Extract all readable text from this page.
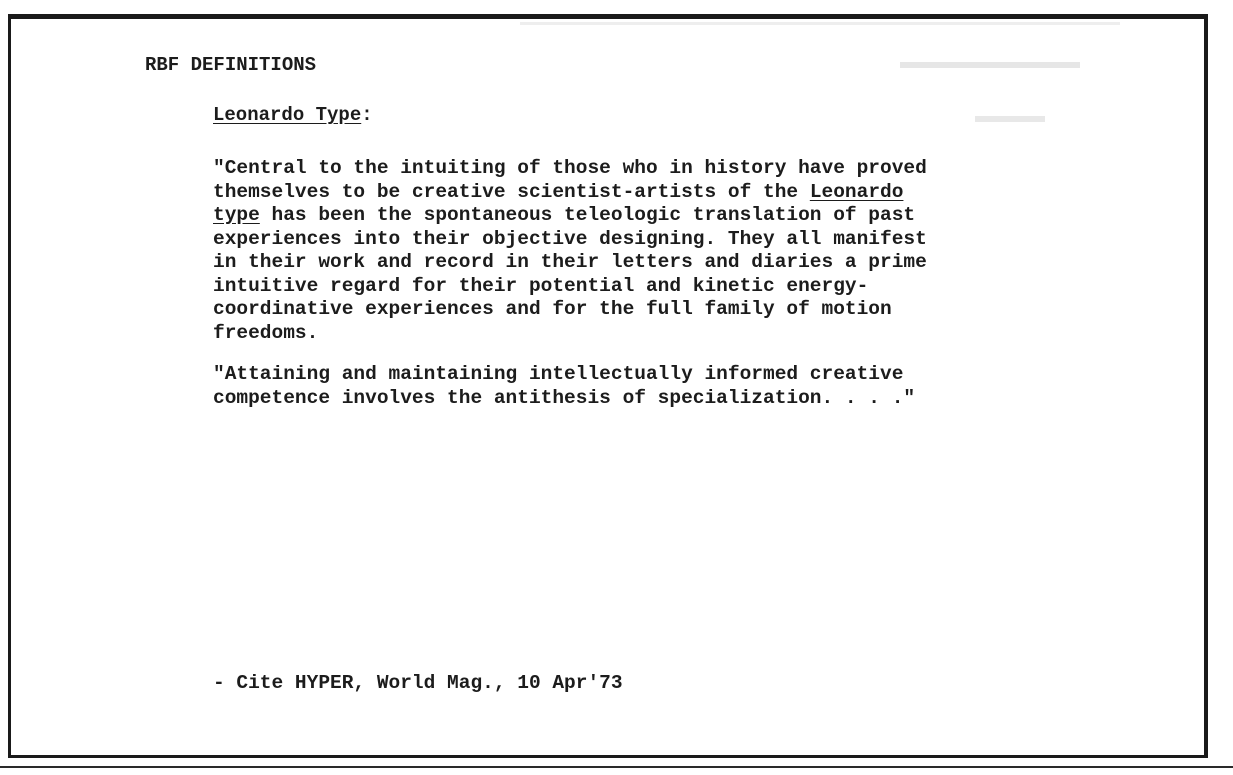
RBF DEFINITIONS
Leonardo Type:

"Central to the intuiting of those who in history have proved
themselves to be creative scientist-artists of the Leonardo
type has been the spontaneous teleologic translation of past
experiences into their objective designing. They all manifest
in their work and record in their letters and diaries a prime
intuitive regard for their potential and kinetic energy-
coordinative experiences and for the full family of motion
freedoms.

"Attaining and maintaining intellectually informed creative
competence involves the antithesis of specialization. . . ."

- Cite HYPER, World Mag., 10 Apr'73
